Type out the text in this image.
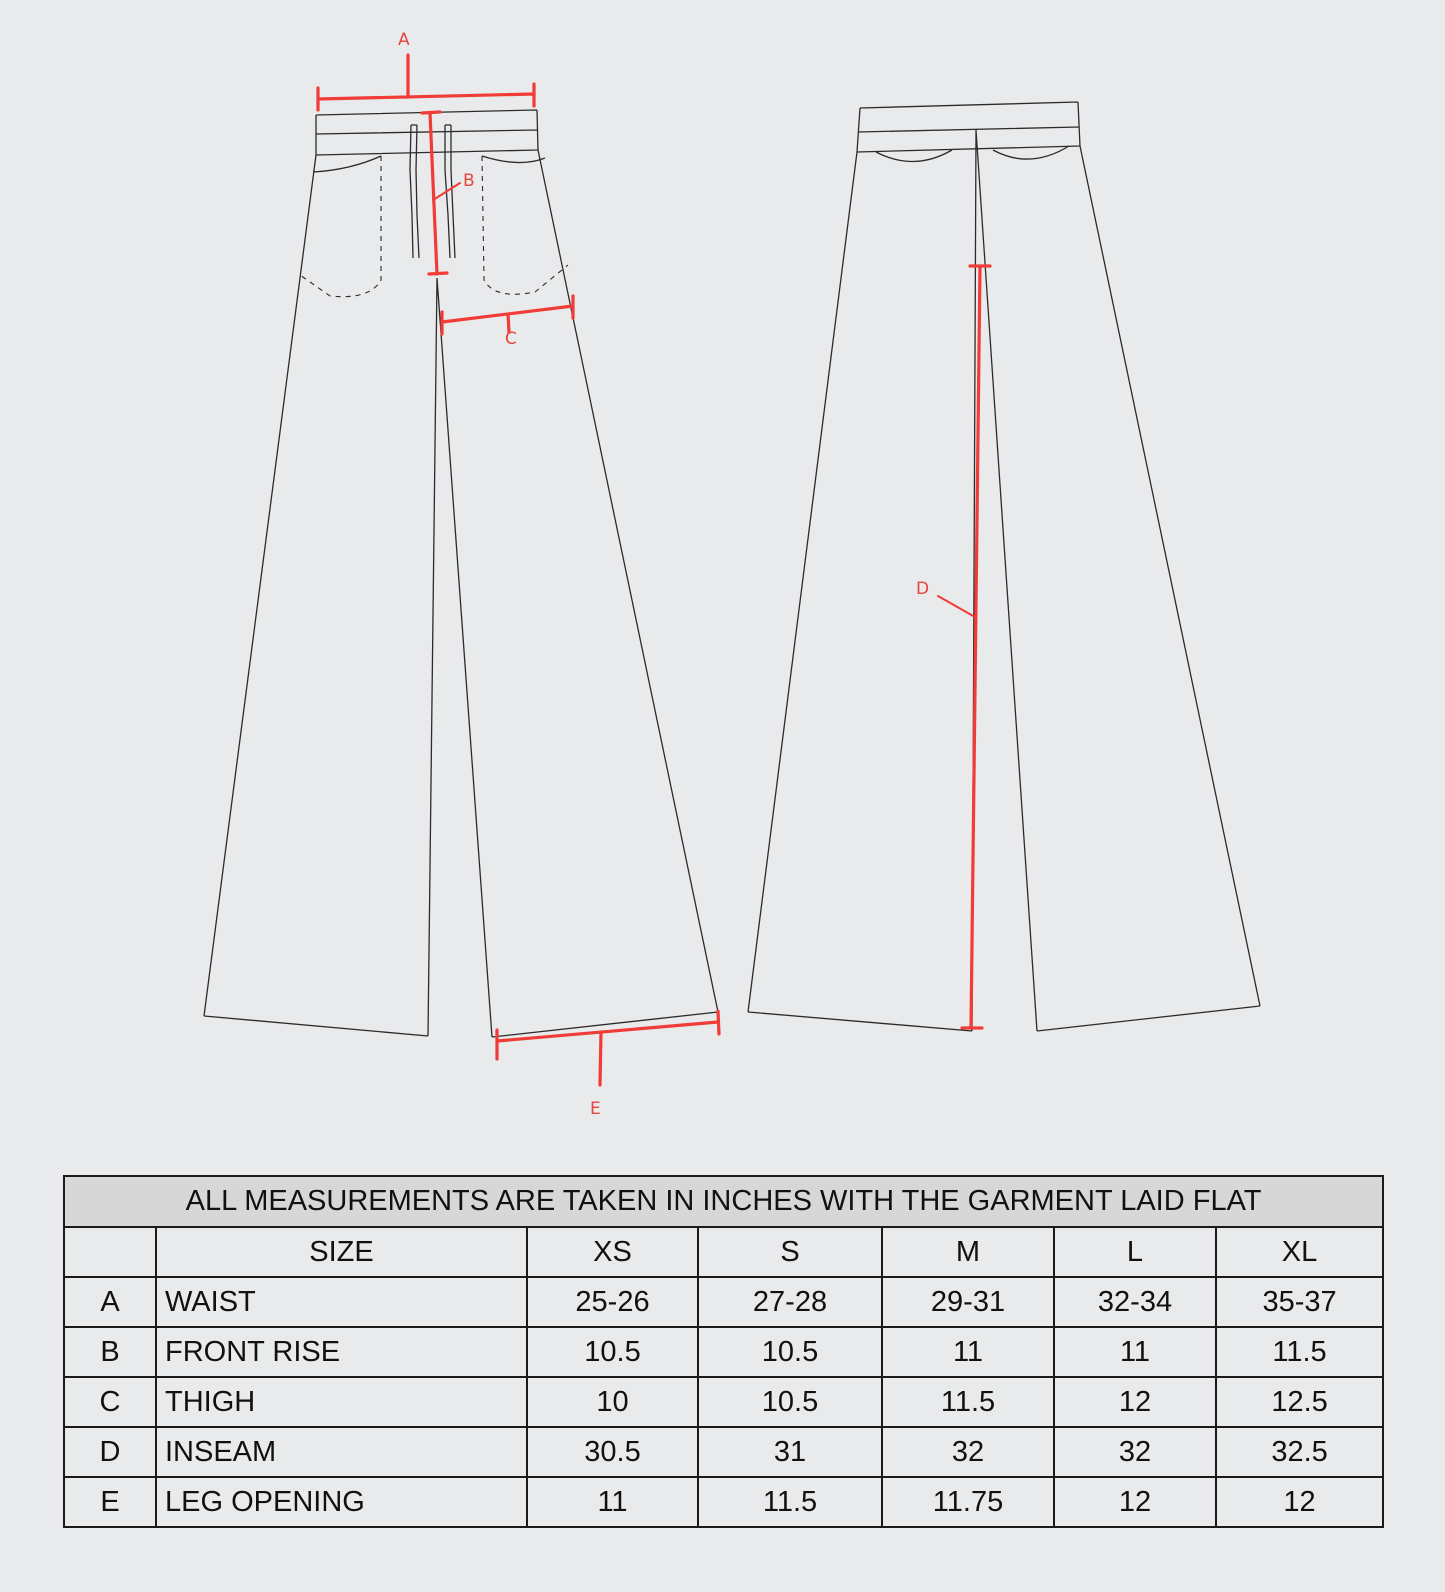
A
B
C
D
E
ALL MEASUREMENTS ARE TAKEN IN INCHES WITH THE GARMENT LAID FLAT						
	SIZE	XS	S	M	L	XL
A	WAIST	25-26	27-28	29-31	32-34	35-37
B	FRONT RISE	10.5	10.5	11	11	11.5
C	THIGH	10	10.5	11.5	12	12.5
D	INSEAM	30.5	31	32	32	32.5
E	LEG OPENING	11	11.5	11.75	12	12
